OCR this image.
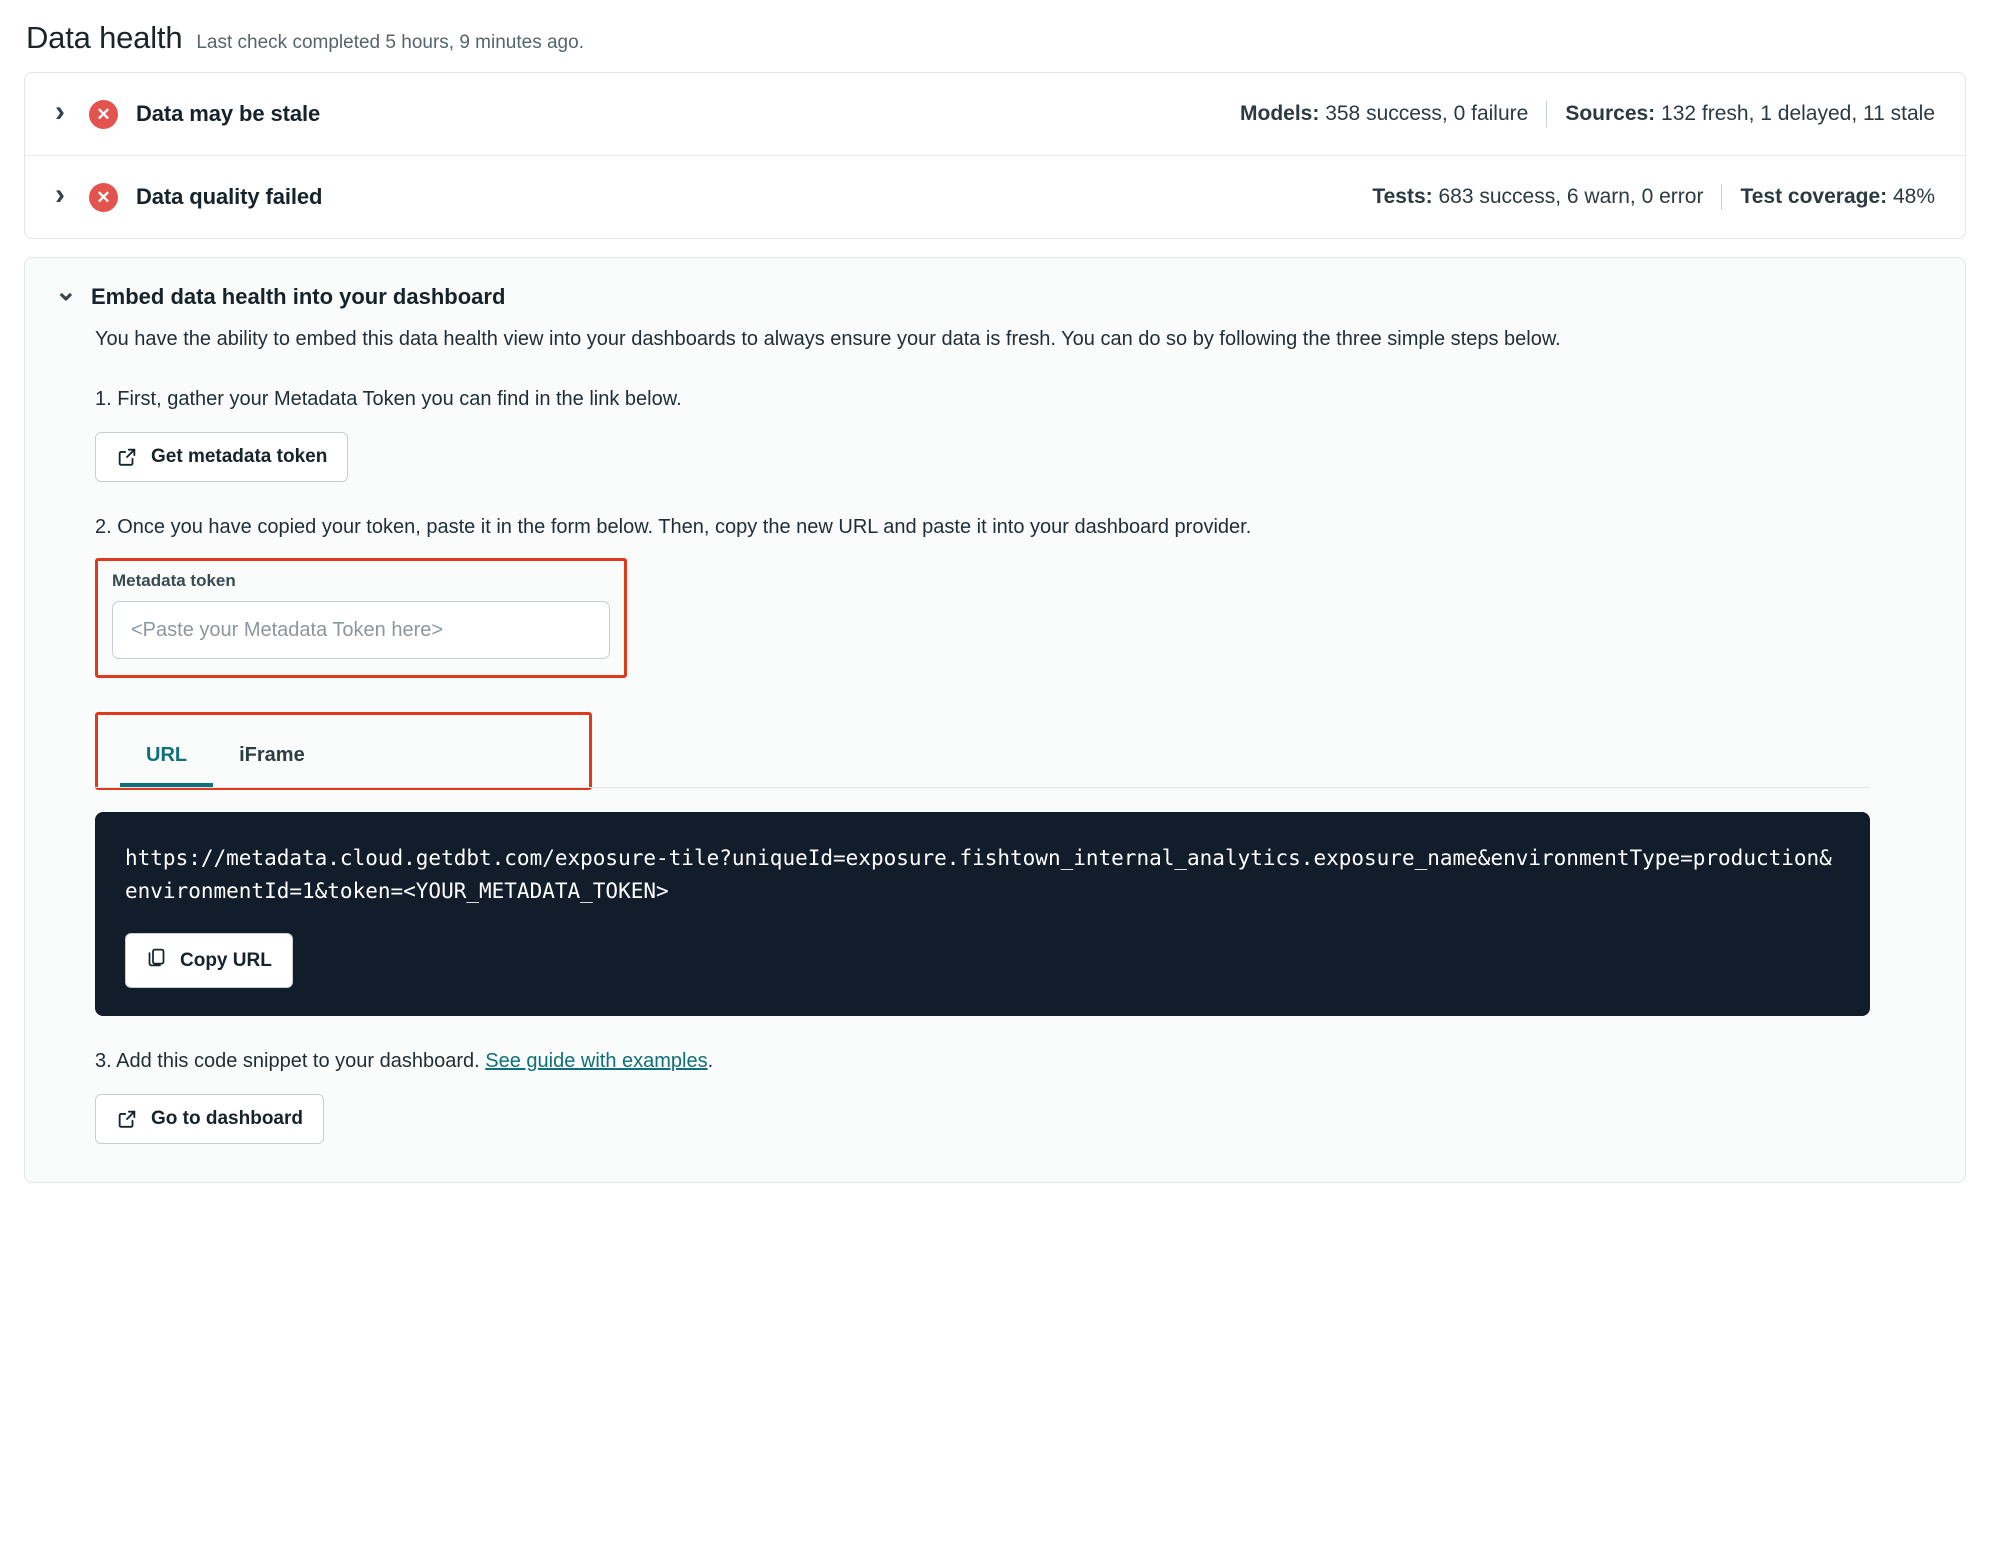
Data health Last check completed 5 hours, 9 minutes ago.
›
✕	Data may be stale	Models: 358 success, 0 failure Sources: 132 fresh, 1 delayed, 11 stale
›
✕	Data quality failed	Tests: 683 success, 6 warn, 0 error Test coverage: 48%
⌄
Embed data health into your dashboard

You have the ability to embed this data health view into your dashboards to always ensure your data is fresh. You can do so by following the three simple steps below.

1. First, gather your Metadata Token you can find in the link below.

Get metadata token

2. Once you have copied your token, paste it in the form below. Then, copy the new URL and paste it into your dashboard provider.

Metadata token
<Paste your Metadata Token here>
URL	iFrame
https://metadata.cloud.getdbt.com/exposure-tile?uniqueId=exposure.fishtown_internal_analytics.exposure_name&environmentType=production&environmentId=1&token=<YOUR_METADATA_TOKEN>
Copy URL

3. Add this code snippet to your dashboard. See guide with examples.

Go to dashboard
